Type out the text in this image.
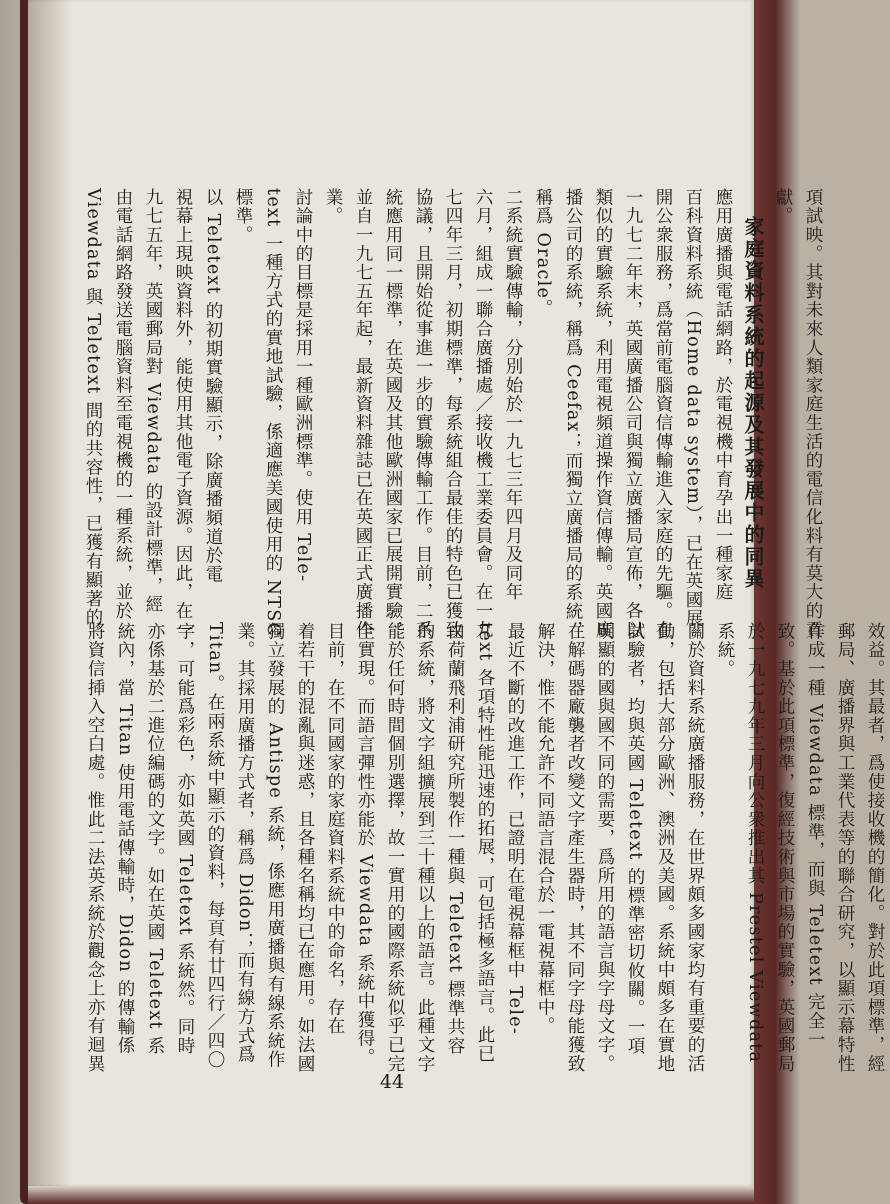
項試映。其對未來人類家庭生活的電信化料有莫大的貢
獻。
家庭資料系統的起源及其發展中的同異
應用廣播與電話網路，於電視機中育孕出一種家庭
百科資料系統（Home data system），已在英國展
開公衆服務，爲當前電腦資信傳輸進入家庭的先驅。在
一九七二年末，英國廣播公司與獨立廣播局宣佈，各以
類似的實驗系統，利用電視頻道操作資信傳輸。英國廣
播公司的系統，稱爲 Ceefax；而獨立廣播局的系統，
稱爲 Oracle。
二系統實驗傳輸，分別始於一九七三年四月及同年
六月，組成一聯合廣播處／接收機工業委員會。在一九
七四年三月，初期標準，每系統組合最佳的特色已獲致
協議，且開始從事進一步的實驗傳輸工作。目前，二系
統應用同一標準，在英國及其他歐洲國家已展開實驗，
並自一九七五年起，最新資料雜誌已在英國正式廣播作
業。
討論中的目標是採用一種歐洲標準。使用 Tele-
text 一種方式的實地試驗，係適應美國使用的 NTSC
標準。
以 Teletext 的初期實驗顯示，除廣播頻道於電
視幕上現映資料外，能使用其他電子資源。因此，在一
九七五年，英國郵局對 Viewdata 的設計標準，經
由電話網路發送電腦資料至電視機的一種系統，並於
Viewdata 與 Teletext 間的共容性，已獲有顯著的
效益。其最者，爲使接收機的簡化。對於此項標準，經
郵局、廣播界與工業代表等的聯合研究，以顯示幕特性
作成一種 Viewdata 標準，而與 Teletext 完全一
致。基於此項標準，復經技術與市場的實驗，英國郵局
於一九七九年三月向公衆推出其 Prestel Viewdata
系統。
關於資料系統廣播服務，在世界頗多國家均有重要的活
動，包括大部分歐洲、澳洲及美國。系統中頗多在實地
試驗者，均與英國 Teletext 的標準密切攸關。一項
明顯的國與國不同的需要，爲所用的語言與字母文字。
在解碼器廠襲者改變文字產生器時，其不同字母能獲致
解決，惟不能允許不同語言混合於一電視幕框中。
最近不斷的改進工作，已證明在電視幕框中 Tele-
text 各項特性能迅速的拓展，可包括極多語言。此已
由荷蘭飛利浦研究所製作一種與 Teletext 標準共容
的系統，將文字組擴展到三十種以上的語言。此種文字
能於任何時間個別選擇，故一實用的國際系統似乎已完
全實現。而語言彈性亦能於 Viewdata 系統中獲得。
目前，在不同國家的家庭資料系統中的命名，存在
着若干的混亂與迷惑，且各種名稱均已在應用。如法國
獨立發展的 Antispe 系統，係應用廣播與有線系統作
業。其採用廣播方式者，稱爲 Didon；而有線方式爲
Titan。在兩系統中顯示的資料，每頁有廿四行／四〇
字，可能爲彩色，亦如英國 Teletext 系統然。同時
亦係基於二進位編碼的文字。如在英國 Teletext 系
統內，當 Titan 使用電話傳輸時，Didon 的傳輸係
將資信揷入空白處。惟此二法英系統於觀念上亦有迴異
44
